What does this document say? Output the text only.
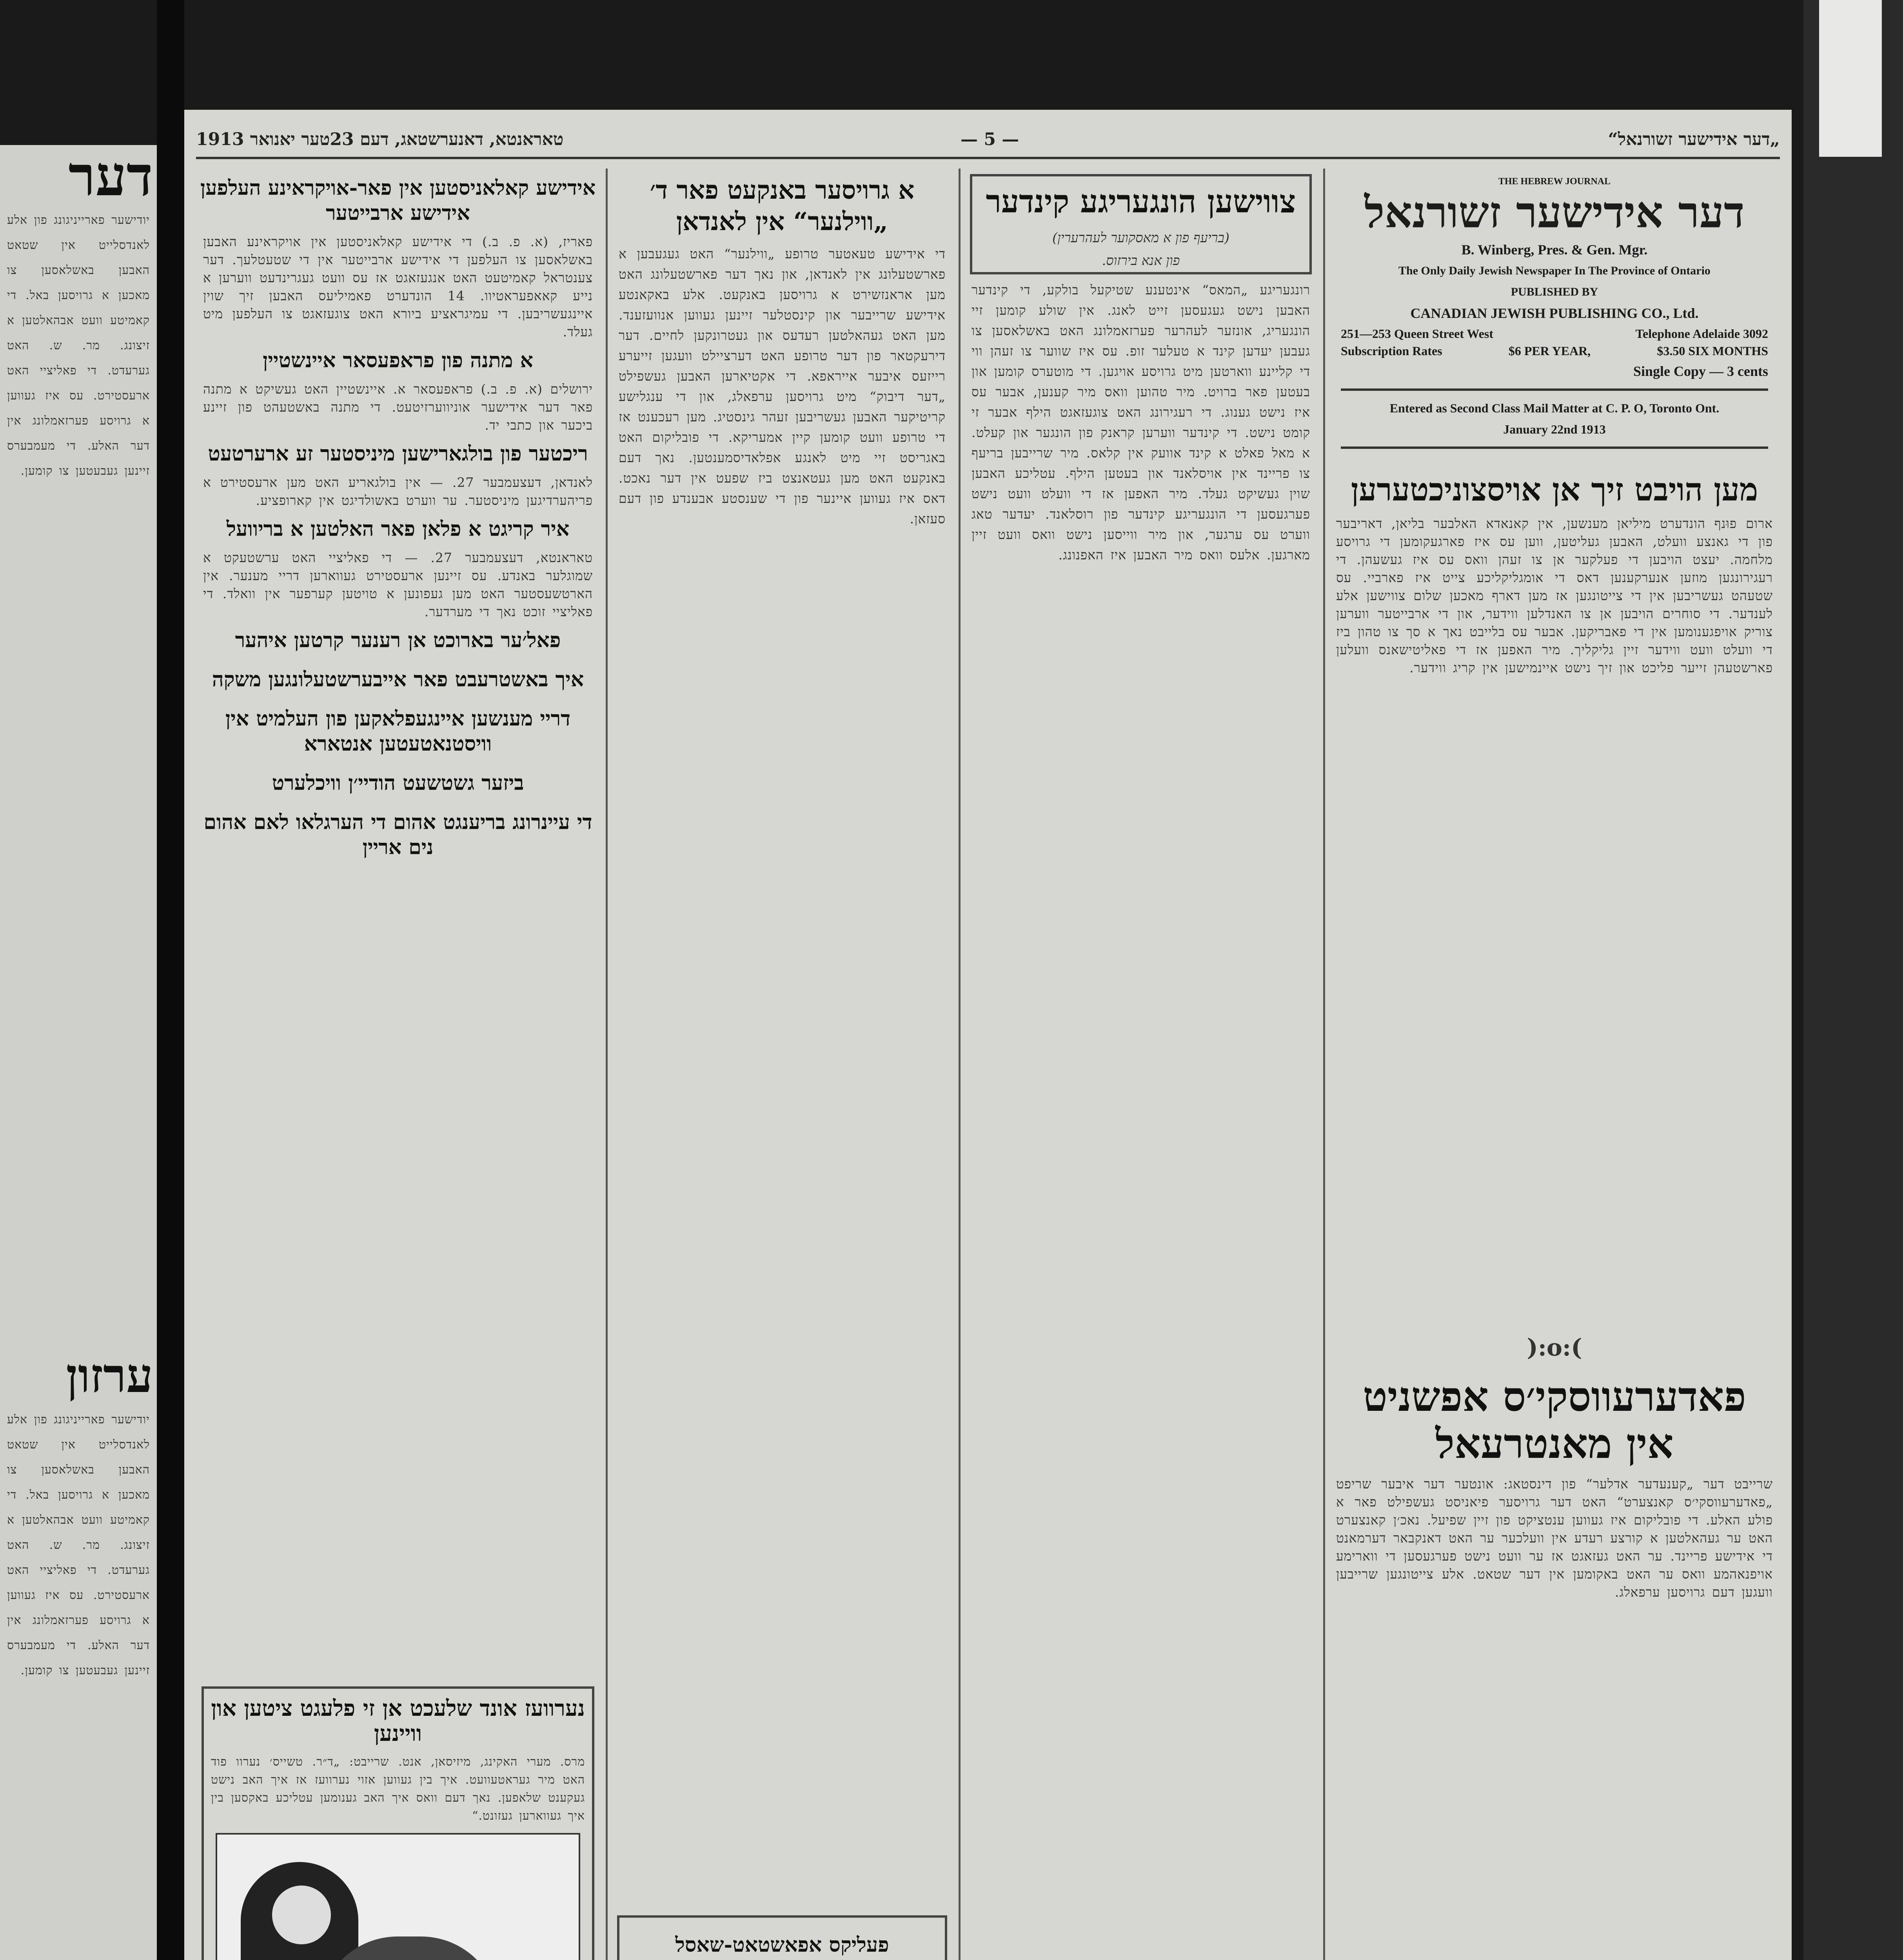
דער
יודישער פארייניגונג פון אלע לאנדסלייט אין שטאט האבען באשלאסען צו מאכען א גרויסען באל. די קאמיטע וועט אבהאלטען א זיצונג. מר. ש. האט גערעדט. די פאליציי האט ארעסטירט. עס איז געווען א גרויסע פערזאמלונג אין דער האלע. די מעמבערס זיינען געבעטען צו קומען.
ערזון
יודישער פארייניגונג פון אלע לאנדסלייט אין שטאט האבען באשלאסען צו מאכען א גרויסען באל. די קאמיטע וועט אבהאלטען א זיצונג. מר. ש. האט גערעדט. די פאליציי האט ארעסטירט. עס איז געווען א גרויסע פערזאמלונג אין דער האלע. די מעמבערס זיינען געבעטען צו קומען.
טאראנטא, דאנערשטאג, דעם 23טער יאנואר 1913	— 5 —	„דער אידישער זשורנאל“
THE HEBREW JOURNAL
דער אידישער זשורנאל
B. Winberg, Pres. & Gen. Mgr.
The Only Daily Jewish Newspaper In The Province of Ontario
PUBLISHED BY
CANADIAN JEWISH PUBLISHING CO., Ltd.
251—253 Queen Street West	Telephone Adelaide 3092
Subscription Rates	$6 PER YEAR,	$3.50 SIX MONTHS
Single Copy — 3 cents
Entered as Second Class Mail Matter at C. P. O, Toronto Ont.
January 22nd 1913
מען הויבט זיך אן אויסצוניכטערען
ארום פוּנף הונדערט מיליאן מענשען, אין קאנאדא האלבער בליאן, דאריבער פון די גאנצע וועלט, האבען געליטען, ווען עס איז פארגעקומען די גרויסע מלחמה. יעצט הויבען די פעלקער אן צו זעהן וואס עס איז געשעהן. די רעגירונגען מוזען אנערקענען דאס די אומגליקליכע צייט איז פארביי. עס שטעהט געשריבען אין די צייטונגען אז מען דארף מאכען שלום צווישען אלע לענדער. די סוחרים הויבען אן צו האנדלען ווידער, און די ארבייטער ווערען צוריק אויפגענומען אין די פאבריקען. אבער עס בלייבט נאך א סך צו טהון ביז די וועלט וועט ווידער זיין גליקליך. מיר האפען אז די פאליטישאנס וועלען פארשטעהן זייער פליכט און זיך נישט איינמישען אין קריג ווידער.
):o:(
פאדערעווסקי׳ס אפשניט אין מאנטרעאל
שרייבט דער „קענעדער אדלער“ פון דינסטאג: אונטער דער איבער שריפט „פאדערעווסקי׳ס קאנצערט“ האט דער גרויסער פיאניסט געשפילט פאר א פולע האלע. די פובליקום איז געווען ענטציקט פון זיין שפיעל. נאכ׳ן קאנצערט האט ער געהאלטען א קורצע רעדע אין וועלכער ער האט דאנקבאר דערמאנט די אידישע פריינד. ער האט געזאגט אז ער וועט נישט פערגעסען די ווארימע אויפנאהמע וואס ער האט באקומען אין דער שטאט. אלע צייטונגען שרייבען וועגען דעם גרויסען ערפאלג.
צווישען הונגעריגע קינדער
(בריעף פון א מאסקוער לעהרערין)
פון אנא בירזוס.
רונגעריגע „המאס“ אינטענע שטיקעל בולקע, די קינדער האבען נישט געגעסען זייט לאנג. אין שולע קומען זיי הונגעריג, אונזער לעהרער פערזאמלונג האט באשלאסען צו געבען יעדען קינד א טעלער זופ. עס איז שווער צו זעהן ווי די קליינע ווארטען מיט גרויסע אויגען. די מוטערס קומען און בעטען פאר ברויט. מיר טהוען וואס מיר קענען, אבער עס איז נישט גענוג. די רעגירונג האט צוגעזאגט הילף אבער זי קומט נישט. די קינדער ווערען קראנק פון הונגער און קעלט. א מאל פאלט א קינד אוועק אין קלאס. מיר שרייבען בריעף צו פריינד אין אויסלאנד און בעטען הילף. עטליכע האבען שוין געשיקט געלד. מיר האפען אז די וועלט וועט נישט פערגעסען די הונגעריגע קינדער פון רוסלאנד. יעדער טאג ווערט עס ערגער, און מיר ווייסען נישט וואס וועט זיין מארגען. אלעס וואס מיר האבען איז האפנונג.
א גרויסער באנקעט פאר ד׳ „ווילנער“ אין לאנדאן
די אידישע טעאטער טרופע „ווילנער“ האט געגעבען א פארשטעלונג אין לאנדאן, און נאך דער פארשטעלונג האט מען אראנזשירט א גרויסען באנקעט. אלע באקאנטע אידישע שרייבער און קינסטלער זיינען געווען אנוועזענד. מען האט געהאלטען רעדעס און געטרונקען לחיים. דער דירעקטאר פון דער טרופע האט דערציילט וועגען זייערע רייזעס איבער אייראפא. די אקטיארען האבען געשפילט „דער דיבוק“ מיט גרויסען ערפאלג, און די ענגלישע קריטיקער האבען געשריבען זעהר גינסטיג. מען רעכענט אז די טרופע וועט קומען קיין אמעריקא. די פובליקום האט באגריסט זיי מיט לאנגע אפלאדיסמענטען. נאך דעם באנקעט האט מען געטאנצט ביז שפעט אין דער נאכט. דאס איז געווען איינער פון די שענסטע אבענדע פון דעם סעזאן.
פעליקס אפאשטאט-שאסל
אידישע קאלאניסטען אין פאר-אויקראינע העלפען אידישע ארבייטער
פאריז, (א. פ. ב.) די אידישע קאלאניסטען אין אויקראינע האבען באשלאסען צו העלפען די אידישע ארבייטער אין די שטעטלעך. דער צענטראל קאמיטעט האט אנגעזאגט אז עס וועט געגרינדעט ווערען א נייע קאאפעראטיוו. 14 הונדערט פאמיליעס האבען זיך שוין איינגעשריבען. די עמיגראציע ביורא האט צוגעזאגט צו העלפען מיט געלד.
א מתנה פון פראפעסאר איינשטיין
ירושלים (א. פ. ב.) פראפעסאר א. איינשטיין האט געשיקט א מתנה פאר דער אידישער אוניווערזיטעט. די מתנה באשטעהט פון זיינע ביכער און כתבי יד.
ריכטער פון בולגארישען מיניסטער זע ארערטעט
לאנדאן, דעצעמבער 27. — אין בולגאריע האט מען ארעסטירט א פריהערדיגען מיניסטער. ער ווערט באשולדיגט אין קארופציע.
איר קריגט א פלאן פאר האלטען א בריוועל
טאראנטא, דעצעמבער 27. — די פאליציי האט ערשטעקט א שמוגלער באנדע. עס זיינען ארעסטירט געווארען דריי מענער. אין הארטשעסטער האט מען געפונען א טויטען קערפער אין וואלד. די פאליציי זוכט נאך די מערדער.
פאל׳ער בארוכט אן רענער קרטען איהער
איך באשטרעבט פאר אייבערשטעלונגען משקה
דריי מענשען איינגעפלאקען פון העלמיט אין וויסטנאטעטען אנטארא
ביזער גשטשעט הודיי׳ן וויכלערט
די עיינרונג בריענגט אהום די הערגלאו לאם אהום נים אריין
נערוועז אונד שלעכט אן זי פלעגט ציטען און וויינען
מרס. מערי האקינג, מיזיסאן, אנט. שרייבט: „ד״ר. טשייס׳ נערוו פוד האט מיר געראטעוועט. איך בין געווען אזוי נערוועז אז איך האב נישט געקענט שלאפען. נאך דעם וואס איך האב גענומען עטליכע באקסען בין איך געווארען געזונט.“
